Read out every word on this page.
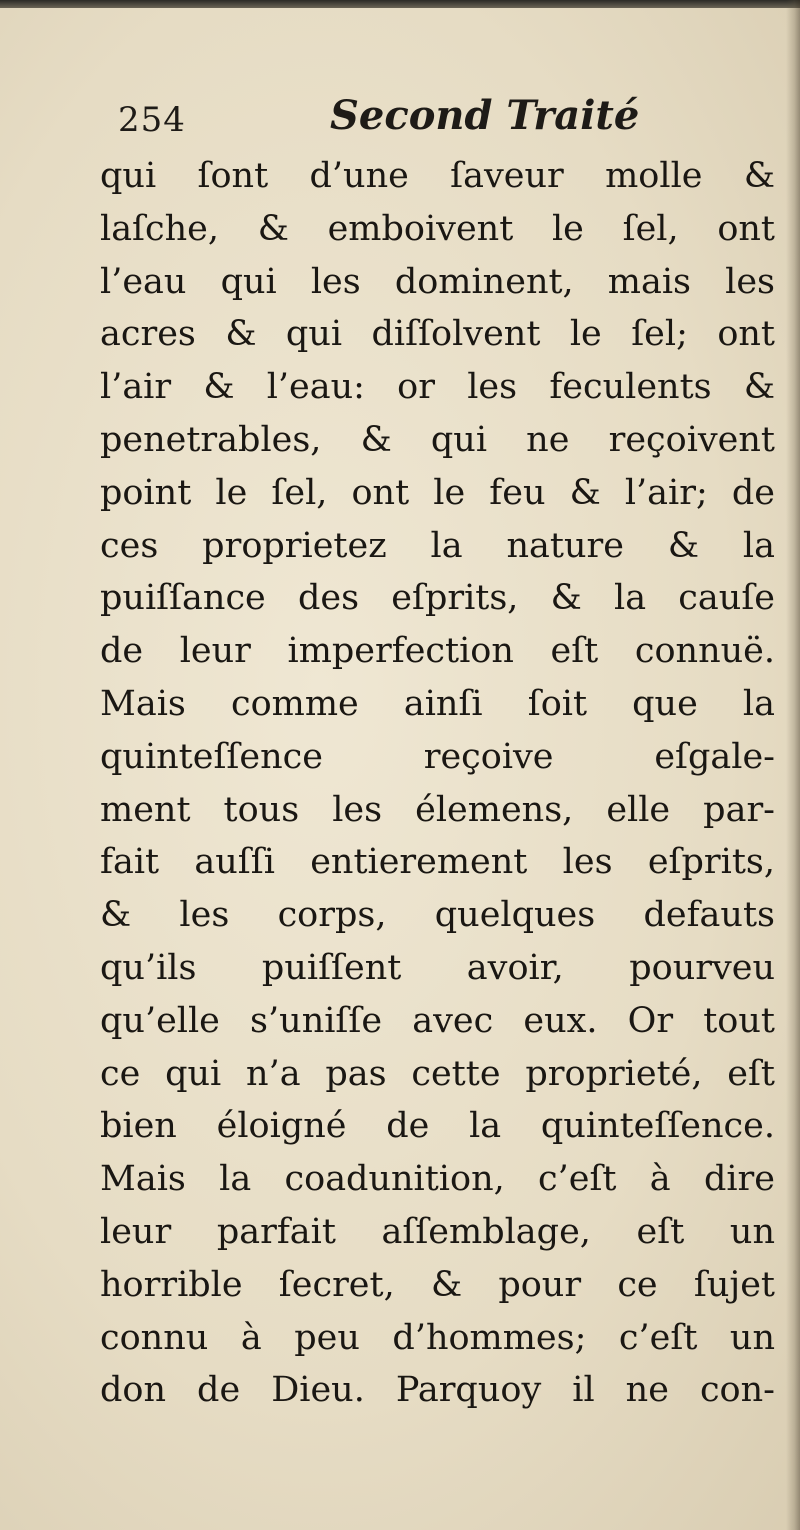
254	Second Traité
qui ſont d’une ſaveur molle &
laſche, & emboivent le ſel, ont
l’eau qui les dominent, mais les
acres & qui diſſolvent le ſel; ont
l’air & l’eau: or les feculents &
penetrables, & qui ne reçoivent
point le ſel, ont le feu & l’air; de
ces proprietez la nature & la
puiſſance des eſprits, & la cauſe
de leur imperfection eſt connuë.
Mais comme ainſi ſoit que la
quinteſſence reçoive eſgale-
ment tous les élemens, elle par-
fait auſſi entierement les eſprits,
& les corps, quelques defauts
qu’ils puiſſent avoir, pourveu
qu’elle s’uniſſe avec eux. Or tout
ce qui n’a pas cette proprieté, eſt
bien éloigné de la quinteſſence.
Mais la coadunition, c’eſt à dire
leur parfait aſſemblage, eſt un
horrible ſecret, & pour ce ſujet
connu à peu d’hommes; c’eſt un
don de Dieu. Parquoy il ne con-
